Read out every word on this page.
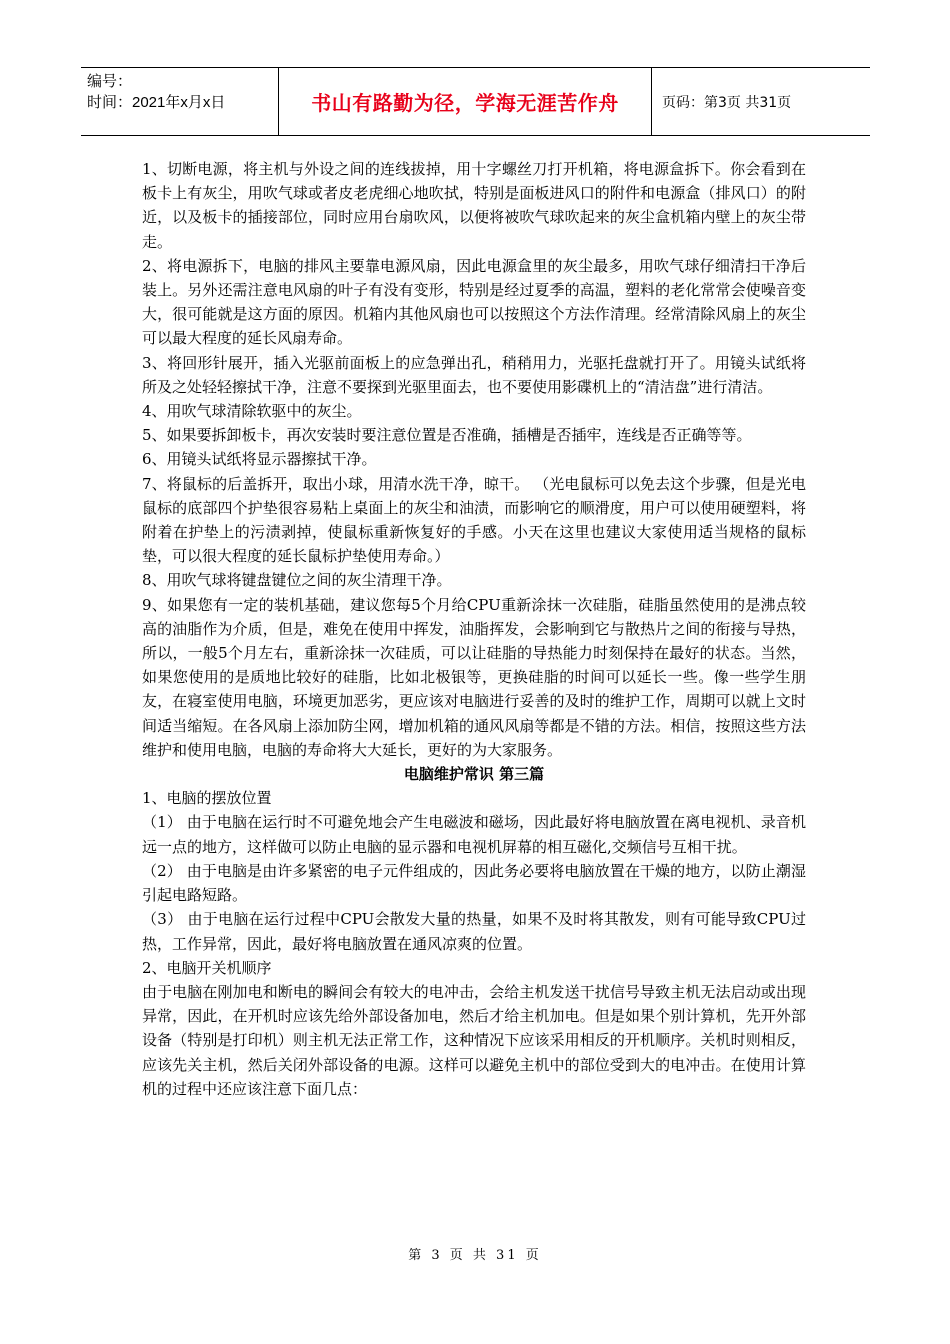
编号：
时间：2021年x月x日	书山有路勤为径，学海无涯苦作舟	页码：第3页 共31页

1、切断电源，将主机与外设之间的连线拔掉，用十字螺丝刀打开机箱，将电源盒拆下。你会看到在板卡上有灰尘，用吹气球或者皮老虎细心地吹拭，特别是面板进风口的附件和电源盒（排风口）的附近，以及板卡的插接部位，同时应用台扇吹风，以便将被吹气球吹起来的灰尘盒机箱内壁上的灰尘带走。

2、将电源拆下，电脑的排风主要靠电源风扇，因此电源盒里的灰尘最多，用吹气球仔细清扫干净后装上。另外还需注意电风扇的叶子有没有变形，特别是经过夏季的高温，塑料的老化常常会使噪音变大，很可能就是这方面的原因。机箱内其他风扇也可以按照这个方法作清理。经常清除风扇上的灰尘可以最大程度的延长风扇寿命。

3、将回形针展开，插入光驱前面板上的应急弹出孔，稍稍用力，光驱托盘就打开了。用镜头试纸将所及之处轻轻擦拭干净，注意不要探到光驱里面去，也不要使用影碟机上的“清洁盘”进行清洁。

4、用吹气球清除软驱中的灰尘。

5、如果要拆卸板卡，再次安装时要注意位置是否准确，插槽是否插牢，连线是否正确等等。

6、用镜头试纸将显示器擦拭干净。

7、将鼠标的后盖拆开，取出小球，用清水洗干净，晾干。 （光电鼠标可以免去这个步骤，但是光电鼠标的底部四个护垫很容易粘上桌面上的灰尘和油渍，而影响它的顺滑度，用户可以使用硬塑料，将附着在护垫上的污渍剥掉，使鼠标重新恢复好的手感。小天在这里也建议大家使用适当规格的鼠标垫，可以很大程度的延长鼠标护垫使用寿命。）

8、用吹气球将键盘键位之间的灰尘清理干净。

9、如果您有一定的装机基础，建议您每5个月给CPU重新涂抹一次硅脂，硅脂虽然使用的是沸点较高的油脂作为介质，但是，难免在使用中挥发，油脂挥发，会影响到它与散热片之间的衔接与导热，所以，一般5个月左右，重新涂抹一次硅质，可以让硅脂的导热能力时刻保持在最好的状态。当然，如果您使用的是质地比较好的硅脂，比如北极银等，更换硅脂的时间可以延长一些。像一些学生朋友，在寝室使用电脑，环境更加恶劣，更应该对电脑进行妥善的及时的维护工作，周期可以就上文时间适当缩短。在各风扇上添加防尘网，增加机箱的通风风扇等都是不错的方法。相信，按照这些方法维护和使用电脑，电脑的寿命将大大延长，更好的为大家服务。

电脑维护常识 第三篇

1、电脑的摆放位置

（1） 由于电脑在运行时不可避免地会产生电磁波和磁场，因此最好将电脑放置在离电视机、录音机远一点的地方，这样做可以防止电脑的显示器和电视机屏幕的相互磁化,交频信号互相干扰。

（2） 由于电脑是由许多紧密的电子元件组成的，因此务必要将电脑放置在干燥的地方，以防止潮湿引起电路短路。

（3） 由于电脑在运行过程中CPU会散发大量的热量，如果不及时将其散发，则有可能导致CPU过热，工作异常，因此，最好将电脑放置在通风凉爽的位置。

2、电脑开关机顺序

由于电脑在刚加电和断电的瞬间会有较大的电冲击，会给主机发送干扰信号导致主机无法启动或出现异常，因此，在开机时应该先给外部设备加电，然后才给主机加电。但是如果个别计算机，先开外部设备（特别是打印机）则主机无法正常工作，这种情况下应该采用相反的开机顺序。关机时则相反，应该先关主机，然后关闭外部设备的电源。这样可以避免主机中的部位受到大的电冲击。在使用计算机的过程中还应该注意下面几点：

第 3 页 共 31 页
